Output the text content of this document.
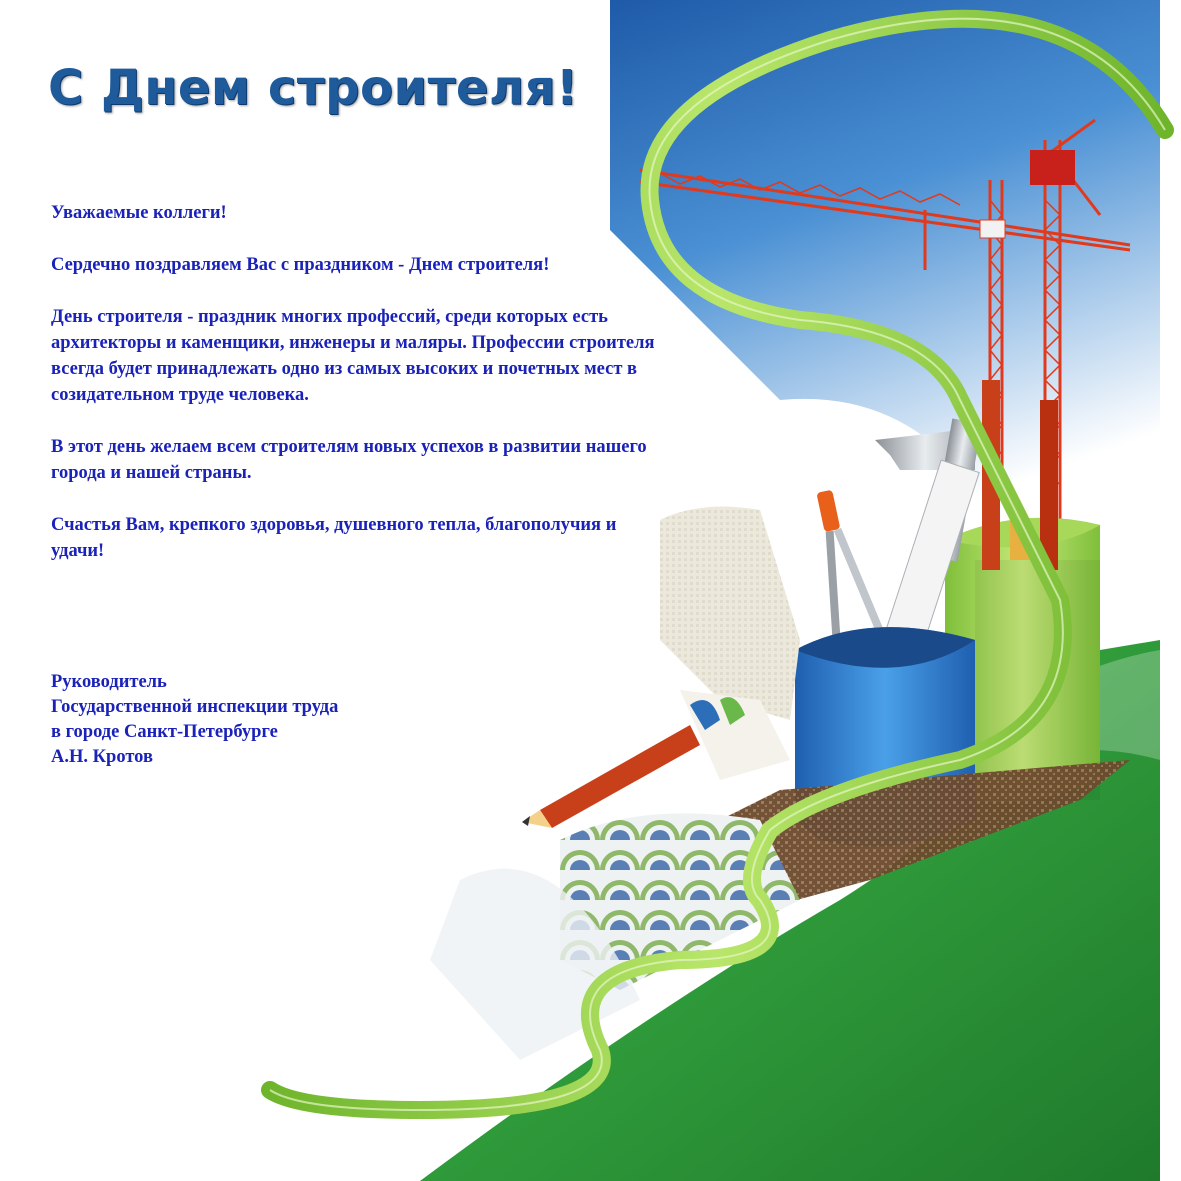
С Днем строителя!

Уважаемые коллеги!

Сердечно поздравляем Вас с праздником - Днем строителя!

День строителя - праздник многих профессий, среди которых есть архитекторы и каменщики, инженеры и маляры. Профессии строителя всегда будет принадлежать одно из самых высоких и почетных мест в созидательном труде человека.

В этот день желаем всем строителям новых успехов в развитии нашего города и нашей страны.

Счастья Вам, крепкого здоровья, душевного тепла, благополучия и удачи!

Руководитель
Государственной инспекции труда
в городе Санкт-Петербурге
А.Н. Кротов
